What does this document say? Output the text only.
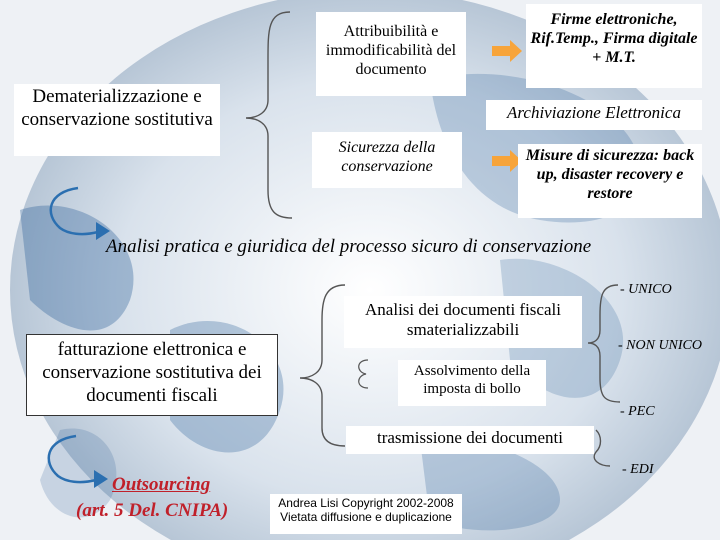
Dematerializzazione e conservazione sostitutiva
Attribuibilità e immodificabilità del documento
Firme elettroniche, Rif.Temp., Firma digitale + M.T.
Archiviazione Elettronica
Sicurezza della conservazione
Misure di sicurezza: back up, disaster recovery e restore
Analisi pratica e giuridica del processo sicuro di conservazione
fatturazione elettronica e conservazione sostitutiva dei documenti fiscali
Analisi dei documenti fiscali smaterializzabili
Assolvimento della imposta di bollo
trasmissione dei documenti
- UNICO
- NON UNICO
- PEC
- EDI
Outsourcing
(art. 5 Del. CNIPA)	Andrea Lisi Copyright 2002-2008
Vietata diffusione e duplicazione
